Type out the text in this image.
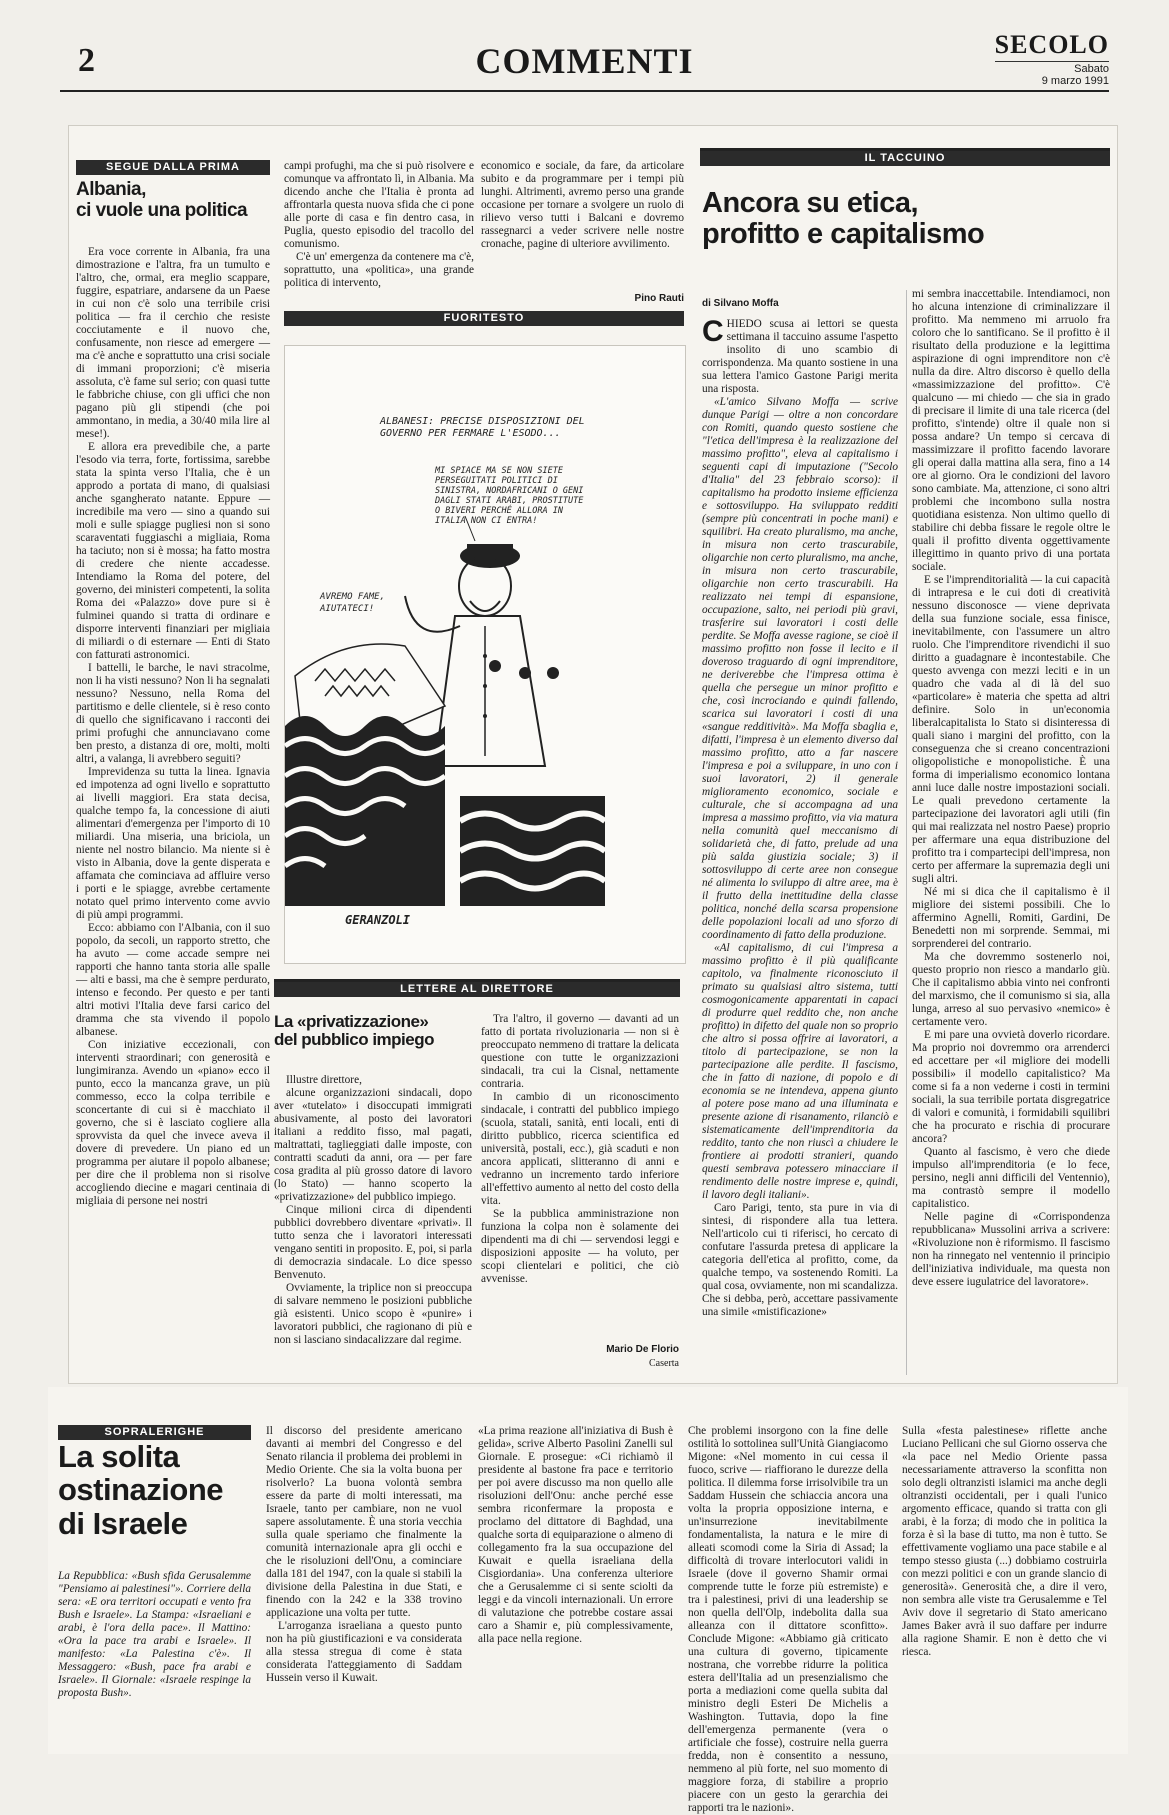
2	COMMENTI	SECOLO
Sabato
9 marzo 1991
SEGUE DALLA PRIMA
Albania,
ci vuole una politica

Era voce corrente in Albania, fra una dimostrazione e l'altra, fra un tumulto e l'altro, che, ormai, era meglio scappare, fuggire, espatriare, andarsene da un Paese in cui non c'è solo una terribile crisi politica — fra il cerchio che resiste cocciutamente e il nuovo che, confusamente, non riesce ad emergere — ma c'è anche e soprattutto una crisi sociale di immani proporzioni; c'è miseria assoluta, c'è fame sul serio; con quasi tutte le fabbriche chiuse, con gli uffici che non pagano più gli stipendi (che poi ammontano, in media, a 30/40 mila lire al mese!).

E allora era prevedibile che, a parte l'esodo via terra, forte, fortissima, sarebbe stata la spinta verso l'Italia, che è un approdo a portata di mano, di qualsiasi anche sgangherato natante. Eppure — incredibile ma vero — sino a quando sui moli e sulle spiagge pugliesi non si sono scaraventati fuggiaschi a migliaia, Roma ha taciuto; non si è mossa; ha fatto mostra di credere che niente accadesse. Intendiamo la Roma del potere, del governo, dei ministeri competenti, la solita Roma dei «Palazzo» dove pure si è fulminei quando si tratta di ordinare e disporre interventi finanziari per migliaia di miliardi o di esternare — Enti di Stato con fatturati astronomici.

I battelli, le barche, le navi stracolme, non li ha visti nessuno? Non li ha segnalati nessuno? Nessuno, nella Roma del partitismo e delle clientele, si è reso conto di quello che significavano i racconti dei primi profughi che annunciavano come ben presto, a distanza di ore, molti, molti altri, a valanga, li avrebbero seguiti?

Imprevidenza su tutta la linea. Ignavia ed impotenza ad ogni livello e soprattutto ai livelli maggiori. Era stata decisa, qualche tempo fa, la concessione di aiuti alimentari d'emergenza per l'importo di 10 miliardi. Una miseria, una briciola, un niente nel nostro bilancio. Ma niente si è visto in Albania, dove la gente disperata e affamata che cominciava ad affluire verso i porti e le spiagge, avrebbe certamente notato quel primo intervento come avvio di più ampi programmi.

Ecco: abbiamo con l'Albania, con il suo popolo, da secoli, un rapporto stretto, che ha avuto — come accade sempre nei rapporti che hanno tanta storia alle spalle — alti e bassi, ma che è sempre perdurato, intenso e fecondo. Per questo e per tanti altri motivi l'Italia deve farsi carico del dramma che sta vivendo il popolo albanese.

Con iniziative eccezionali, con interventi straordinari; con generosità e lungimiranza. Avendo un «piano» ecco il punto, ecco la mancanza grave, un più commesso, ecco la colpa terribile e sconcertante di cui si è macchiato il governo, che si è lasciato cogliere alla sprovvista da quel che invece aveva il dovere di prevedere. Un piano ed un programma per aiutare il popolo albanese; per dire che il problema non si risolve accogliendo diecine e magari centinaia di migliaia di persone nei nostri

campi profughi, ma che si può risolvere e comunque va affrontato lì, in Albania. Ma dicendo anche che l'Italia è pronta ad affrontarla questa nuova sfida che ci pone alle porte di casa e fin dentro casa, in Puglia, questo episodio del tracollo del comunismo.

C'è un' emergenza da contenere ma c'è, soprattutto, una «politica», una grande politica di intervento,

economico e sociale, da fare, da articolare subito e da programmare per i tempi più lunghi. Altrimenti, avremo perso una grande occasione per tornare a svolgere un ruolo di rilievo verso tutti i Balcani e dovremo rassegnarci a veder scrivere nelle nostre cronache, pagine di ulteriore avvilimento.

Pino Rauti
FUORITESTO
ALBANESI: PRECISE DISPOSIZIONI DEL GOVERNO PER FERMARE L'ESODO...
MI SPIACE MA SE NON SIETE PERSEGUITATI POLITICI DI SINISTRA, NORDAFRICANI O GENI DAGLI STATI ARABI, PROSTITUTE O BIVERI PERCHÉ ALLORA IN ITALIA NON CI ENTRA!
AVREMO FAME, AIUTATECI!
GERANZOLI
IL TACCUINO
Ancora su etica,
profitto e capitalismo
di Silvano Moffa

CHIEDO scusa ai lettori se questa settimana il taccuino assume l'aspetto insolito di uno scambio di corrispondenza. Ma quanto sostiene in una sua lettera l'amico Gastone Parigi merita una risposta.

«L'amico Silvano Moffa — scrive dunque Parigi — oltre a non concordare con Romiti, quando questo sostiene che "l'etica dell'impresa è la realizzazione del massimo profitto", eleva al capitalismo i seguenti capi di imputazione ("Secolo d'Italia" del 23 febbraio scorso): il capitalismo ha prodotto insieme efficienza e sottosviluppo. Ha sviluppato redditi (sempre più concentrati in poche mani) e squilibri. Ha creato pluralismo, ma anche, in misura non certo trascurabile, oligarchie non certo pluralismo, ma anche, in misura non certo trascurabile, oligarchie non certo trascurabili. Ha realizzato nei tempi di espansione, occupazione, salto, nei periodi più gravi, trasferire sui lavoratori i costi delle perdite. Se Moffa avesse ragione, se cioè il massimo profitto non fosse il lecito e il doveroso traguardo di ogni imprenditore, ne deriverebbe che l'impresa ottima è quella che persegue un minor profitto e che, così incrociando e quindi fallendo, scarica sui lavoratori i costi di una «sangue redditività». Ma Moffa sbaglia e, difatti, l'impresa è un elemento diverso dal massimo profitto, atto a far nascere l'impresa e poi a sviluppare, in uno con i suoi lavoratori, 2) il generale miglioramento economico, sociale e culturale, che si accompagna ad una impresa a massimo profitto, via via matura nella comunità quel meccanismo di solidarietà che, di fatto, prelude ad una più salda giustizia sociale; 3) il sottosviluppo di certe aree non consegue né alimenta lo sviluppo di altre aree, ma è il frutto della inettitudine della classe politica, nonché della scarsa propensione delle popolazioni locali ad uno sforzo di coordinamento di fatto della produzione.

«Al capitalismo, di cui l'impresa a massimo profitto è il più qualificante capitolo, va finalmente riconosciuto il primato su qualsiasi altro sistema, tutti cosmogonicamente apparentati in capaci di produrre quel reddito che, non anche profitto) in difetto del quale non so proprio che altro si possa offrire ai lavoratori, a titolo di partecipazione, se non la partecipazione alle perdite. Il fascismo, che in fatto di nazione, di popolo e di economia se ne intendeva, appena giunto al potere pose mano ad una illuminata e presente azione di risanamento, rilanciò e sistematicamente dell'imprenditoria da reddito, tanto che non riuscì a chiudere le frontiere ai prodotti stranieri, quando questi sembrava potessero minacciare il rendimento delle nostre imprese e, quindi, il lavoro degli italiani».

Caro Parigi, tento, sta pure in via di sintesi, di rispondere alla tua lettera. Nell'articolo cui ti riferisci, ho cercato di confutare l'assurda pretesa di applicare la categoria dell'etica al profitto, come, da qualche tempo, va sostenendo Romiti. La qual cosa, ovviamente, non mi scandalizza. Che si debba, però, accettare passivamente una simile «mistificazione»

mi sembra inaccettabile. Intendiamoci, non ho alcuna intenzione di criminalizzare il profitto. Ma nemmeno mi arruolo fra coloro che lo santificano. Se il profitto è il risultato della produzione e la legittima aspirazione di ogni imprenditore non c'è nulla da dire. Altro discorso è quello della «massimizzazione del profitto». C'è qualcuno — mi chiedo — che sia in grado di precisare il limite di una tale ricerca (del profitto, s'intende) oltre il quale non si possa andare? Un tempo si cercava di massimizzare il profitto facendo lavorare gli operai dalla mattina alla sera, fino a 14 ore al giorno. Ora le condizioni del lavoro sono cambiate. Ma, attenzione, ci sono altri problemi che incombono sulla nostra quotidiana esistenza. Non ultimo quello di stabilire chi debba fissare le regole oltre le quali il profitto diventa oggettivamente illegittimo in quanto privo di una portata sociale.

E se l'imprenditorialità — la cui capacità di intrapresa e le cui doti di creatività nessuno disconosce — viene deprivata della sua funzione sociale, essa finisce, inevitabilmente, con l'assumere un altro ruolo. Che l'imprenditore rivendichi il suo diritto a guadagnare è incontestabile. Che questo avvenga con mezzi leciti e in un quadro che vada al di là del suo «particolare» è materia che spetta ad altri definire. Solo in un'economia liberalcapitalista lo Stato si disinteressa di quali siano i margini del profitto, con la conseguenza che si creano concentrazioni oligopolistiche e monopolistiche. È una forma di imperialismo economico lontana anni luce dalle nostre impostazioni sociali. Le quali prevedono certamente la partecipazione dei lavoratori agli utili (fin qui mai realizzata nel nostro Paese) proprio per affermare una equa distribuzione del profitto tra i compartecipi dell'impresa, non certo per affermare la supremazia degli uni sugli altri.

Né mi si dica che il capitalismo è il migliore dei sistemi possibili. Che lo affermino Agnelli, Romiti, Gardini, De Benedetti non mi sorprende. Semmai, mi sorprenderei del contrario.

Ma che dovremmo sostenerlo noi, questo proprio non riesco a mandarlo giù. Che il capitalismo abbia vinto nei confronti del marxismo, che il comunismo si sia, alla lunga, arreso al suo pervasivo «nemico» è certamente vero.

E mi pare una ovvietà doverlo ricordare. Ma proprio noi dovremmo ora arrenderci ed accettare per «il migliore dei modelli possibili» il modello capitalistico? Ma come si fa a non vederne i costi in termini sociali, la sua terribile portata disgregatrice di valori e comunità, i formidabili squilibri che ha procurato e rischia di procurare ancora?

Quanto al fascismo, è vero che diede impulso all'imprenditoria (e lo fece, persino, negli anni difficili del Ventennio), ma contrastò sempre il modello capitalistico.

Nelle pagine di «Corrispondenza repubblicana» Mussolini arriva a scrivere: «Rivoluzione non è riformismo. Il fascismo non ha rinnegato nel ventennio il principio dell'iniziativa individuale, ma questa non deve essere iugulatrice del lavoratore».

LETTERE AL DIRETTORE
La «privatizzazione»
del pubblico impiego

Illustre direttore,

alcune organizzazioni sindacali, dopo aver «tutelato» i disoccupati immigrati abusivamente, al posto dei lavoratori italiani a reddito fisso, mal pagati, maltrattati, taglieggiati dalle imposte, con contratti scaduti da anni, ora — per fare cosa gradita al più grosso datore di lavoro (lo Stato) — hanno scoperto la «privatizzazione» del pubblico impiego.

Cinque milioni circa di dipendenti pubblici dovrebbero diventare «privati». Il tutto senza che i lavoratori interessati vengano sentiti in proposito. E, poi, si parla di democrazia sindacale. Lo dice spesso Benvenuto.

Ovviamente, la triplice non si preoccupa di salvare nemmeno le posizioni pubbliche già esistenti. Unico scopo è «punire» i lavoratori pubblici, che ragionano di più e non si lasciano sindacalizzare dal regime.

Tra l'altro, il governo — davanti ad un fatto di portata rivoluzionaria — non si è preoccupato nemmeno di trattare la delicata questione con tutte le organizzazioni sindacali, tra cui la Cisnal, nettamente contraria.

In cambio di un riconoscimento sindacale, i contratti del pubblico impiego (scuola, statali, sanità, enti locali, enti di diritto pubblico, ricerca scientifica ed università, postali, ecc.), già scaduti e non ancora applicati, slitteranno di anni e vedranno un incremento tardo inferiore all'effettivo aumento al netto del costo della vita.

Se la pubblica amministrazione non funziona la colpa non è solamente dei dipendenti ma di chi — servendosi leggi e disposizioni apposite — ha voluto, per scopi clientelari e politici, che ciò avvenisse.

Mario De Florio
Caserta
SOPRALERIGHE
La solita
ostinazione
di Israele

La Repubblica: «Bush sfida Gerusalemme "Pensiamo ai palestinesi"». Corriere della sera: «E ora territori occupati e vento fra Bush e Israele». La Stampa: «Israeliani e arabi, è l'ora della pace». Il Mattino: «Ora la pace tra arabi e Israele». Il manifesto: «La Palestina c'è». Il Messaggero: «Bush, pace fra arabi e Israele». Il Giornale: «Israele respinge la proposta Bush».

Il discorso del presidente americano davanti ai membri del Congresso e del Senato rilancia il problema dei problemi in Medio Oriente. Che sia la volta buona per risolverlo? La buona volontà sembra essere da parte di molti interessati, ma Israele, tanto per cambiare, non ne vuol sapere assolutamente. È una storia vecchia sulla quale speriamo che finalmente la comunità internazionale apra gli occhi e che le risoluzioni dell'Onu, a cominciare dalla 181 del 1947, con la quale si stabilì la divisione della Palestina in due Stati, e finendo con la 242 e la 338 trovino applicazione una volta per tutte.

L'arroganza israeliana a questo punto non ha più giustificazioni e va considerata alla stessa stregua di come è stata considerata l'atteggiamento di Saddam Hussein verso il Kuwait.

«La prima reazione all'iniziativa di Bush è gelida», scrive Alberto Pasolini Zanelli sul Giornale. E prosegue: «Ci richiamò il presidente al bastone fra pace e territorio per poi avere discusso ma non quello alle risoluzioni dell'Onu: anche perché esse sembra riconfermare la proposta e proclamo del dittatore di Baghdad, una qualche sorta di equiparazione o almeno di collegamento fra la sua occupazione del Kuwait e quella israeliana della Cisgiordania». Una conferenza ulteriore che a Gerusalemme ci si sente sciolti da leggi e da vincoli internazionali. Un errore di valutazione che potrebbe costare assai caro a Shamir e, più complessivamente, alla pace nella regione.

Che problemi insorgono con la fine delle ostilità lo sottolinea sull'Unità Giangiacomo Migone: «Nel momento in cui cessa il fuoco, scrive — riaffiorano le durezze della politica. Il dilemma forse irrisolvibile tra un Saddam Hussein che schiaccia ancora una volta la propria opposizione interna, e un'insurrezione inevitabilmente fondamentalista, la natura e le mire di alleati scomodi come la Siria di Assad; la difficoltà di trovare interlocutori validi in Israele (dove il governo Shamir ormai comprende tutte le forze più estremiste) e tra i palestinesi, privi di una leadership se non quella dell'Olp, indebolita dalla sua alleanza con il dittatore sconfitto». Conclude Migone: «Abbiamo già criticato una cultura di governo, tipicamente nostrana, che vorrebbe ridurre la politica estera dell'Italia ad un presenzialismo che porta a mediazioni come quella subita dal ministro degli Esteri De Michelis a Washington. Tuttavia, dopo la fine dell'emergenza permanente (vera o artificiale che fosse), costruire nella guerra fredda, non è consentito a nessuno, nemmeno al più forte, nel suo momento di maggiore forza, di stabilire a proprio piacere con un gesto la gerarchia dei rapporti tra le nazioni».

Sulla «festa palestinese» riflette anche Luciano Pellicani che sul Giorno osserva che «la pace nel Medio Oriente passa necessariamente attraverso la sconfitta non solo degli oltranzisti islamici ma anche degli oltranzisti occidentali, per i quali l'unico argomento efficace, quando si tratta con gli arabi, è la forza; di modo che in politica la forza è sì la base di tutto, ma non è tutto. Se effettivamente vogliamo una pace stabile e al tempo stesso giusta (...) dobbiamo costruirla con mezzi politici e con un grande slancio di generosità». Generosità che, a dire il vero, non sembra alle viste tra Gerusalemme e Tel Aviv dove il segretario di Stato americano James Baker avrà il suo daffare per indurre alla ragione Shamir. E non è detto che vi riesca.
